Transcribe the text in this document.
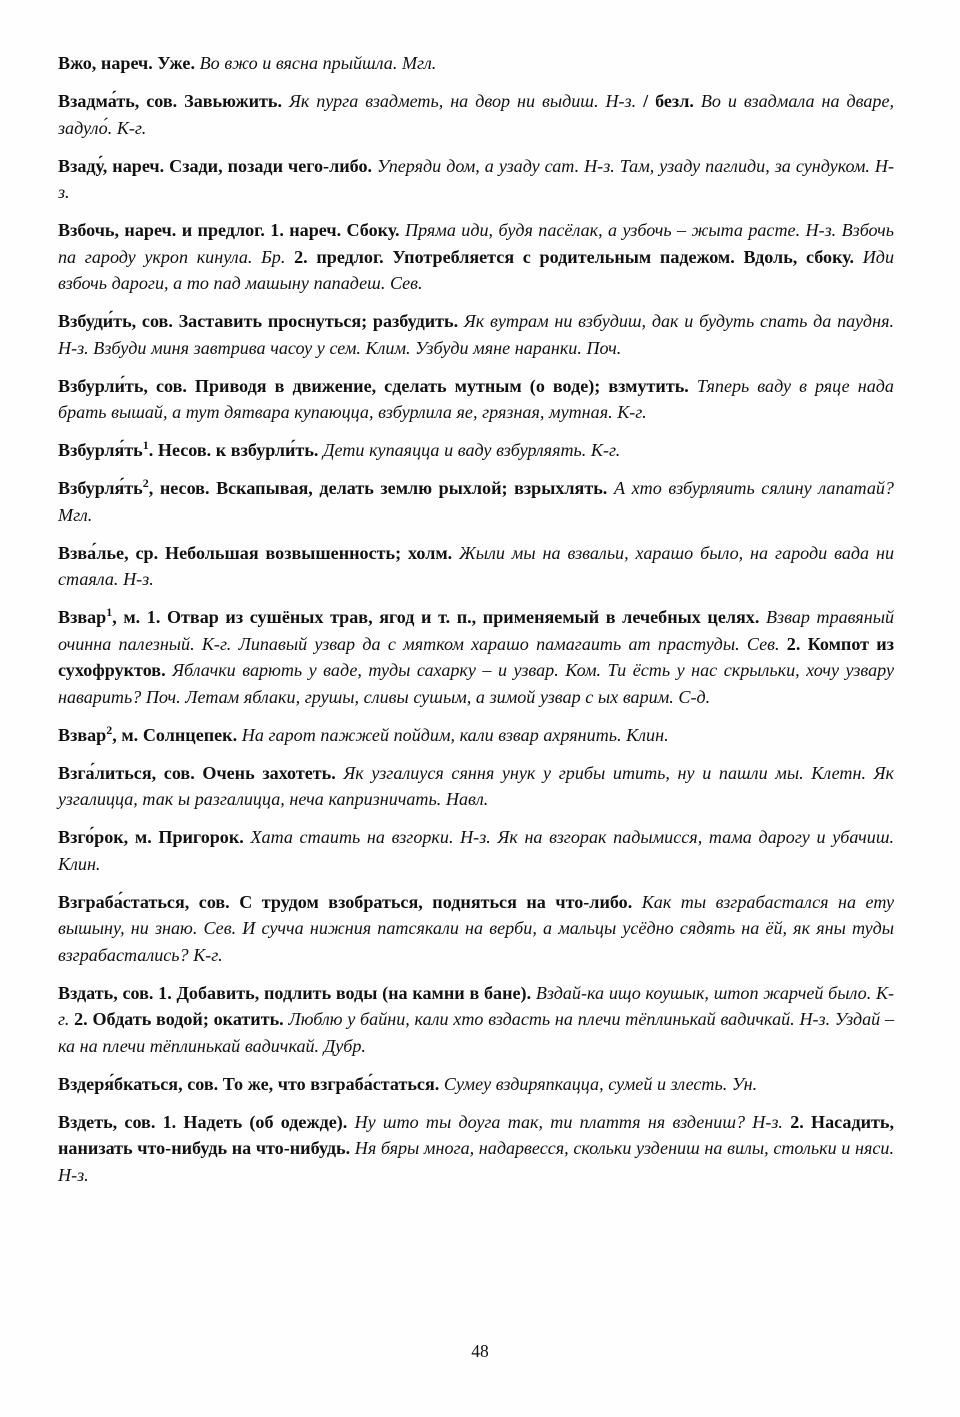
Вжо, нареч. Уже. Во вжо и вясна прыйшла. Мгл.

Взадма́ть, сов. Завьюжить. Як пурга взадметь, на двор ни выдиш. Н-з. / безл. Во и взадмала на дваре, задуло́. К-г.

Взаду́, нареч. Сзади, позади чего-либо. Уперяди дом, а узаду сат. Н-з. Там, узаду паглиди, за сундуком. Н-з.

Взбочь, нареч. и предлог. 1. нареч. Сбоку. Пряма иди, будя пасёлак, а узбочь – жыта расте. Н-з. Взбочь па гароду укроп кинула. Бр. 2. предлог. Употребляется с родительным падежом. Вдоль, сбоку. Иди взбочь дароги, а то пад машыну пападеш. Сев.

Взбуди́ть, сов. Заставить проснуться; разбудить. Як вутрам ни взбудиш, дак и будуть спать да паудня. Н-з. Взбуди миня завтрива часоу у сем. Клим. Узбуди мяне наранки. Поч.

Взбурли́ть, сов. Приводя в движение, сделать мутным (о воде); взмутить. Тяперь ваду в ряце нада брать вышай, а тут дятвара купаюцца, взбурлила яе, грязная, мутная. К-г.

$Взбурля́ть^1$. Несов. к взбурли́ть. Дети купаяцца и ваду взбурляять. К-г.

$Взбурля́ть^2$, несов. Вскапывая, делать землю рыхлой; взрыхлять. А хто взбурляить сялину лапатай? Мгл.

Взва́лье, ср. Небольшая возвышенность; холм. Жыли мы на взвальи, харашо было, на гароди вада ни стаяла. Н-з.

Взвар$^1$, м. 1. Отвар из сушёных трав, ягод и т. п., применяемый в лечебных целях. Взвар травяный очинна палезный. К-г. Липавый узвар да с мятком харашо памагаить ат прастуды. Сев. 2. Компот из сухофруктов. Яблачки варють у ваде, туды сахарку – и узвар. Ком. Ти ёсть у нас скрыльки, хочу узвару наварить? Поч. Летам яблаки, грушы, сливы сушым, а зимой узвар с ых варим. С-д.

Взвар$^2$, м. Солнцепек. На гарот пажжей пойдим, кали взвар ахрянить. Клин.

Взга́литься, сов. Очень захотеть. Як узгалиуся сяння унук у грибы итить, ну и пашли мы. Клетн. Як узгалицца, так ы разгалицца, неча капризничать. Навл.

Взго́рок, м. Пригорок. Хата стаить на взгорки. Н-з. Як на взгорак падымисся, тама дарогу и убачиш. Клин.

Взграба́статься, сов. С трудом взобраться, подняться на что-либо. Как ты взграбастался на ету вышыну, ни знаю. Сев. И сучча нижния патсякали на верби, а мальцы усёдно сядять на ёй, як яны туды взграбастались? К-г.

Вздать, сов. 1. Добавить, подлить воды (на камни в бане). Вздай-ка ищо коушык, штоп жарчей было. К-г. 2. Обдать водой; окатить. Люблю у байни, кали хто вздасть на плечи тёплинькай вадичкай. Н-з. Уздай – ка на плечи тёплинькай вадичкай. Дубр.

Вздеря́бкаться, сов. То же, что взграба́статься. Сумеу вздиряпкацца, сумей и злесть. Ун.

Вздеть, сов. 1. Надеть (об одежде). Ну што ты доуга так, ти плаття ня вздениш? Н-з. 2. Насадить, нанизать что-нибудь на что-нибудь. Ня бяры многа, надарвесся, скольки уздениш на вилы, стольки и няси. Н-з.

48
